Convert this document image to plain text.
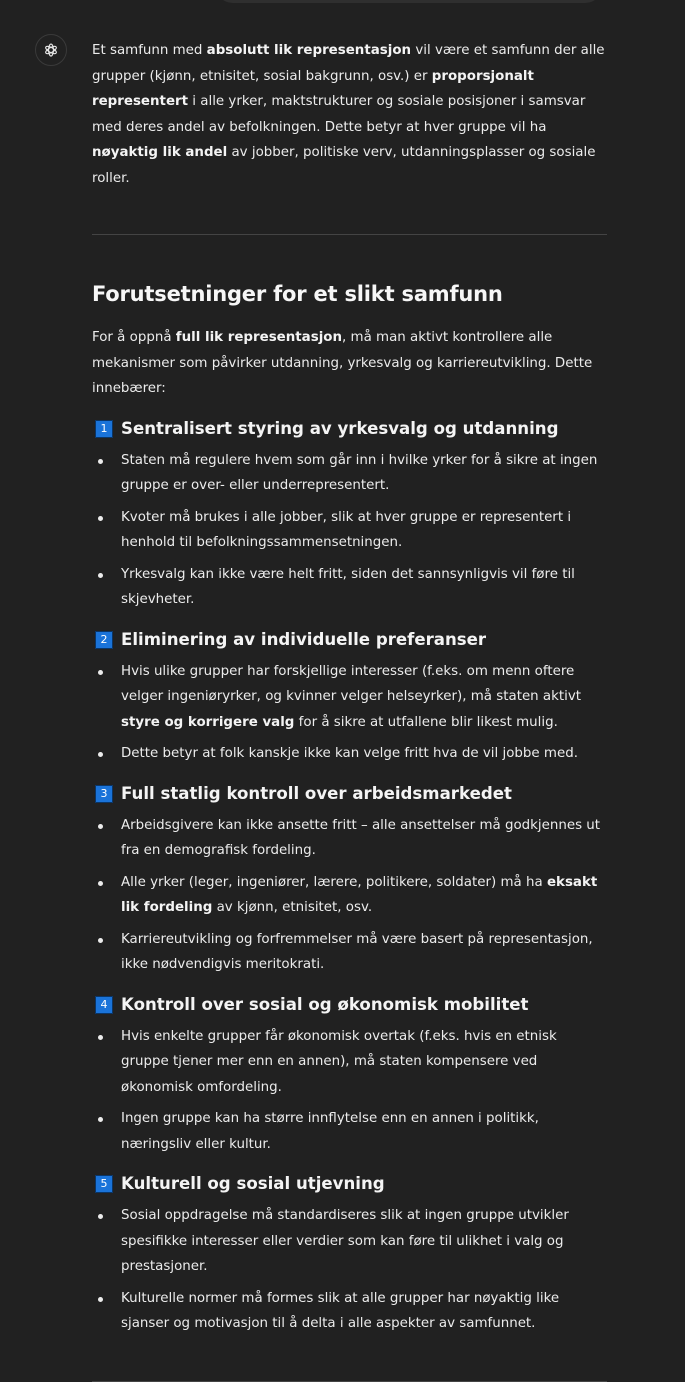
Et samfunn med absolutt lik representasjon vil være et samfunn der alle grupper (kjønn, etnisitet, sosial bakgrunn, osv.) er proporsjonalt representert i alle yrker, maktstrukturer og sosiale posisjoner i samsvar med deres andel av befolkningen. Dette betyr at hver gruppe vil ha nøyaktig lik andel av jobber, politiske verv, utdanningsplasser og sosiale roller.

Forutsetninger for et slikt samfunn

For å oppnå full lik representasjon, må man aktivt kontrollere alle mekanismer som påvirker utdanning, yrkesvalg og karriereutvikling. Dette innebærer:

1 Sentralisert styring av yrkesvalg og utdanning
Staten må regulere hvem som går inn i hvilke yrker for å sikre at ingen gruppe er over- eller underrepresentert.
Kvoter må brukes i alle jobber, slik at hver gruppe er representert i henhold til befolkningssammensetningen.
Yrkesvalg kan ikke være helt fritt, siden det sannsynligvis vil føre til skjevheter.
2 Eliminering av individuelle preferanser
Hvis ulike grupper har forskjellige interesser (f.eks. om menn oftere velger ingeniøryrker, og kvinner velger helseyrker), må staten aktivt styre og korrigere valg for å sikre at utfallene blir likest mulig.
Dette betyr at folk kanskje ikke kan velge fritt hva de vil jobbe med.
3 Full statlig kontroll over arbeidsmarkedet
Arbeidsgivere kan ikke ansette fritt – alle ansettelser må godkjennes ut fra en demografisk fordeling.
Alle yrker (leger, ingeniører, lærere, politikere, soldater) må ha eksakt lik fordeling av kjønn, etnisitet, osv.
Karriereutvikling og forfremmelser må være basert på representasjon, ikke nødvendigvis meritokrati.
4 Kontroll over sosial og økonomisk mobilitet
Hvis enkelte grupper får økonomisk overtak (f.eks. hvis en etnisk gruppe tjener mer enn en annen), må staten kompensere ved økonomisk omfordeling.
Ingen gruppe kan ha større innflytelse enn en annen i politikk, næringsliv eller kultur.
5 Kulturell og sosial utjevning
Sosial oppdragelse må standardiseres slik at ingen gruppe utvikler spesifikke interesser eller verdier som kan føre til ulikhet i valg og prestasjoner.
Kulturelle normer må formes slik at alle grupper har nøyaktig like sjanser og motivasjon til å delta i alle aspekter av samfunnet.
